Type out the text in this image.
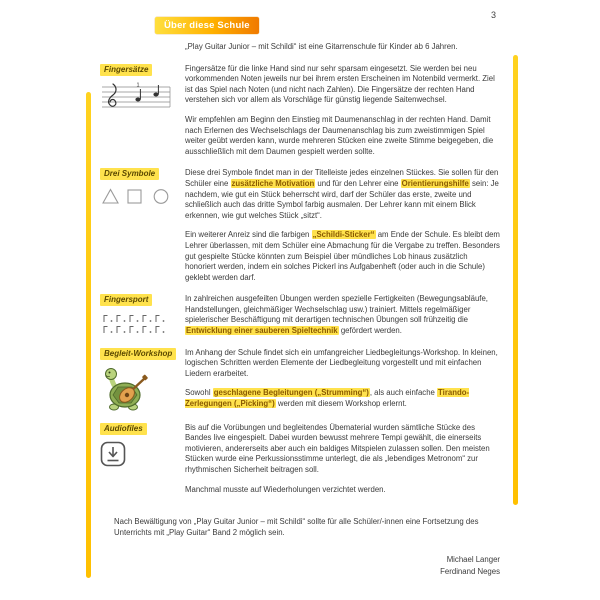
3
Über diese Schule

„Play Guitar Junior – mit Schildi“ ist eine Gitarrenschule für Kinder ab 6 Jahren.

Fingersätze
1

Fingersätze für die linke Hand sind nur sehr sparsam eingesetzt. Sie werden bei neu vorkommenden Noten jeweils nur bei ihrem ersten Erscheinen im Notenbild vermerkt. Ziel ist das Spiel nach Noten (und nicht nach Zahlen). Die Fingersätze der rechten Hand verstehen sich vor allem als Vorschläge für günstig liegende Saitenwechsel.

Wir empfehlen am Beginn den Einstieg mit Daumenanschlag in der rechten Hand. Damit nach Erlernen des Wechselschlags der Daumenanschlag bis zum zweistimmigen Spiel weiter geübt werden kann, wurde mehreren Stücken eine zweite Stimme beigegeben, die ausschließlich mit dem Daumen gespielt werden sollte.

Drei Symbole	Diese drei Symbole findet man in der Titelleiste jedes einzelnen Stückes. Sie sollen für den Schüler eine zusätzliche Motivation und für den Lehrer eine Orientierungshilfe sein: Je nachdem, wie gut ein Stück beherrscht wird, darf der Schüler das erste, zweite und schließlich auch das dritte Symbol farbig ausmalen. Der Lehrer kann mit einem Blick erkennen, wie gut welches Stück „sitzt“.

Ein weiterer Anreiz sind die farbigen „Schildi-Sticker“ am Ende der Schule. Es bleibt dem Lehrer überlassen, mit dem Schüler eine Abmachung für die Vergabe zu treffen. Besonders gut gespielte Stücke könnten zum Beispiel über mündliches Lob hinaus zusätzlich honoriert werden, indem ein solches Pickerl ins Aufgabenheft (oder auch in die Schule) geklebt werden darf.

Fingersport	In zahlreichen ausgefeilten Übungen werden spezielle Fertigkeiten (Bewegungsabläufe, Handstellungen, gleichmäßiger Wechselschlag usw.) trainiert. Mittels regelmäßiger spielerischer Beschäftigung mit derartigen technischen Übungen soll frühzeitig die Entwicklung einer sauberen Spieltechnik gefördert werden.

Begleit-Workshop	Im Anhang der Schule findet sich ein umfangreicher Liedbegleitungs-Workshop. In kleinen, logischen Schritten werden Elemente der Liedbegleitung vorgestellt und mit einfachen Liedern erarbeitet.

Sowohl geschlagene Begleitungen („Strumming“), als auch einfache Tirando-Zerlegungen („Picking“) werden mit diesem Workshop erlernt.

Audiofiles	Bis auf die Vorübungen und begleitendes Übematerial wurden sämtliche Stücke des Bandes live eingespielt. Dabei wurden bewusst mehrere Tempi gewählt, die einerseits motivieren, andererseits aber auch ein baldiges Mitspielen zulassen sollen. Den meisten Stücken wurde eine Perkussionsstimme unterlegt, die als „lebendiges Metronom“ zur rhythmischen Sicherheit beitragen soll.

Manchmal musste auf Wiederholungen verzichtet werden.

Nach Bewältigung von „Play Guitar Junior – mit Schildi“ sollte für alle Schüler/-innen eine Fortsetzung des Unterrichts mit „Play Guitar“ Band 2 möglich sein.

Michael Langer
Ferdinand Neges
